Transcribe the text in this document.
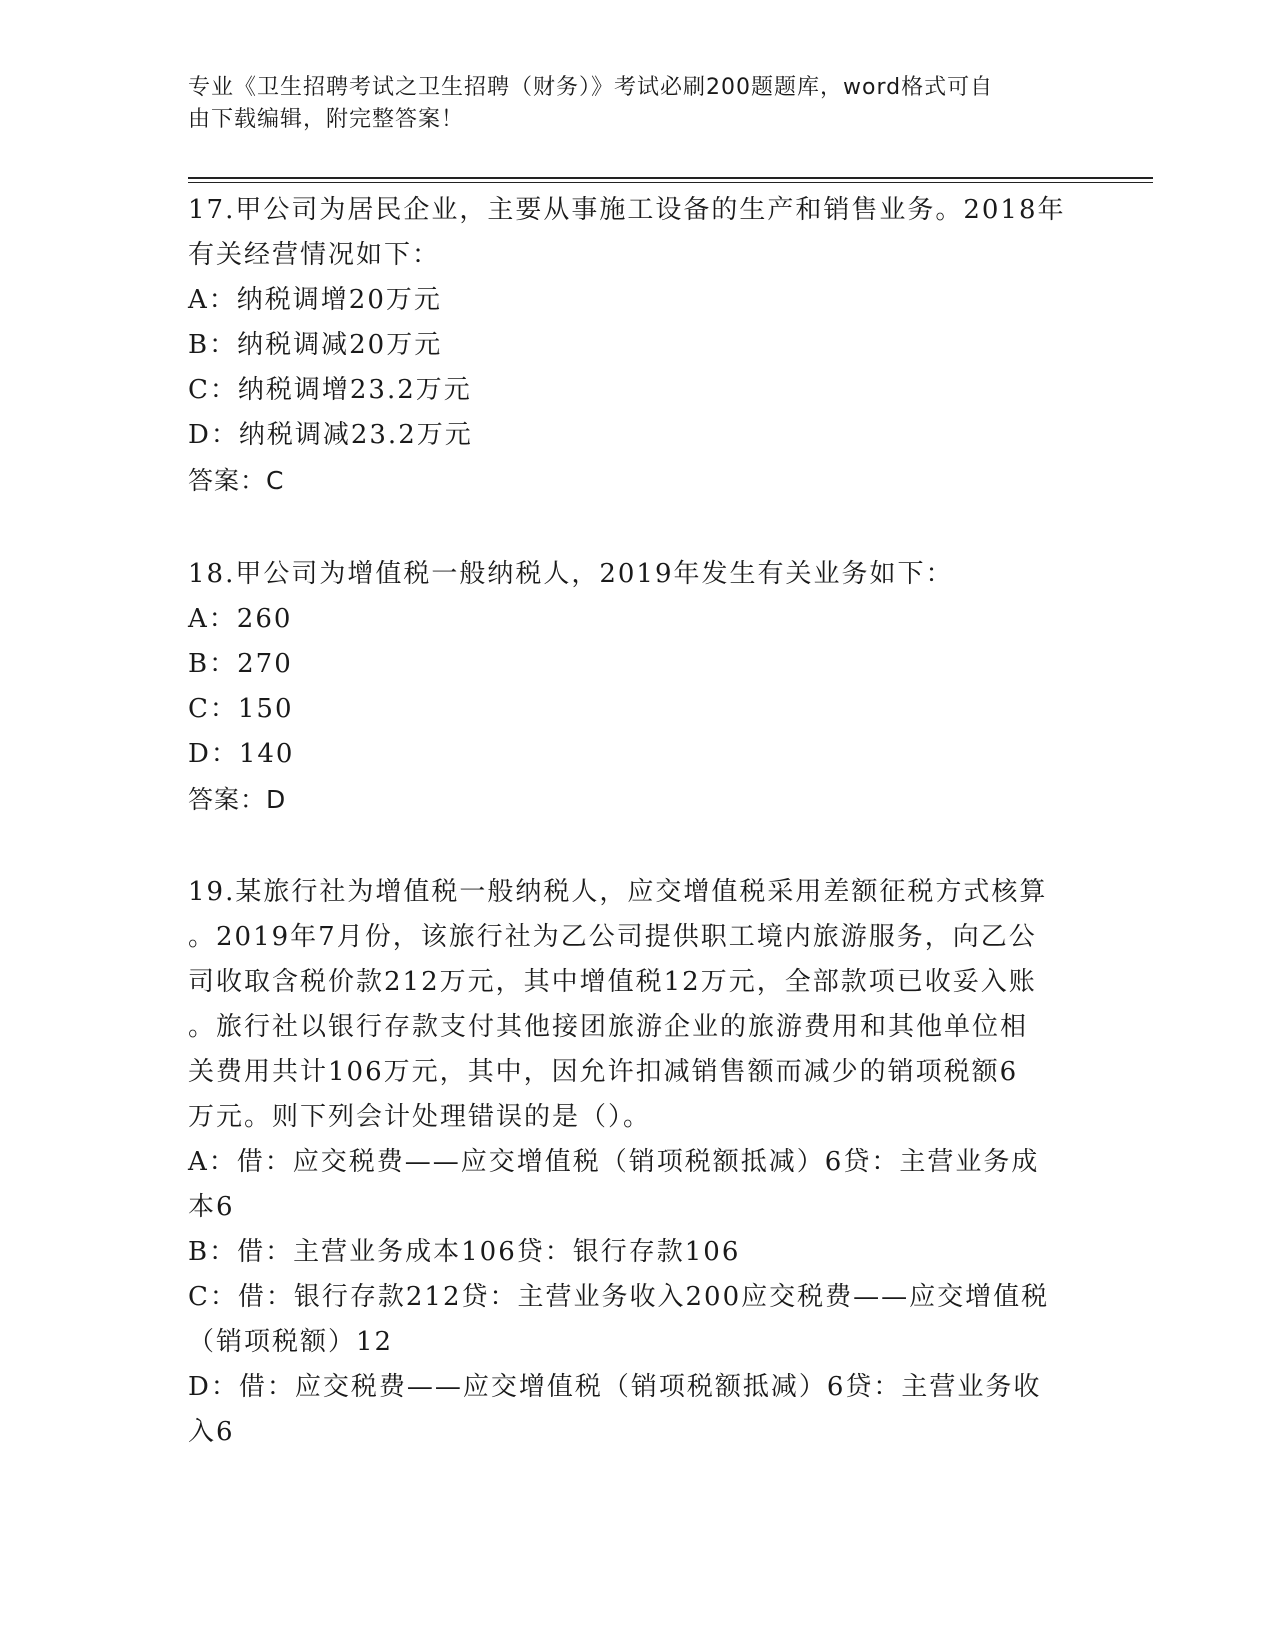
专业《卫生招聘考试之卫生招聘（财务）》考试必刷200题题库，word格式可自
由下载编辑，附完整答案！

17.甲公司为居民企业，主要从事施工设备的生产和销售业务。2018年

有关经营情况如下：

A：纳税调增20万元

B：纳税调减20万元

C：纳税调增23.2万元

D：纳税调减23.2万元

答案：C

18.甲公司为增值税一般纳税人，2019年发生有关业务如下：

A：260

B：270

C：150

D：140

答案：D

19.某旅行社为增值税一般纳税人，应交增值税采用差额征税方式核算

。2019年7月份，该旅行社为乙公司提供职工境内旅游服务，向乙公

司收取含税价款212万元，其中增值税12万元，全部款项已收妥入账

。旅行社以银行存款支付其他接团旅游企业的旅游费用和其他单位相

关费用共计106万元，其中，因允许扣减销售额而减少的销项税额6

万元。则下列会计处理错误的是（）。

A：借：应交税费——应交增值税（销项税额抵减）6贷：主营业务成

本6

B：借：主营业务成本106贷：银行存款106

C：借：银行存款212贷：主营业务收入200应交税费——应交增值税

（销项税额）12

D：借：应交税费——应交增值税（销项税额抵减）6贷：主营业务收

入6
